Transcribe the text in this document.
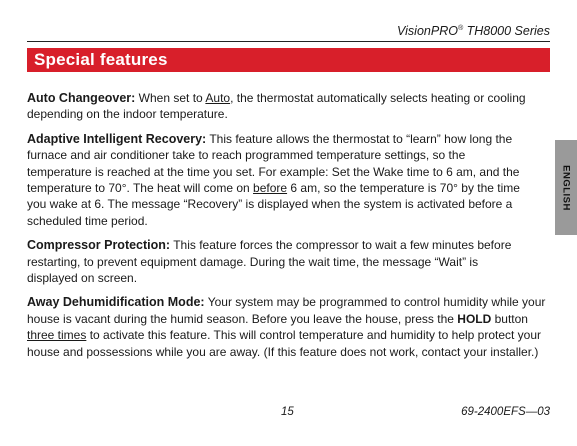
VisionPRO® TH8000 Series
Special features
ENGLISH

Auto Changeover: When set to Auto, the thermostat automatically selects heating or cooling depending on the indoor temperature.

Adaptive Intelligent Recovery: This feature allows the thermostat to “learn” how long the furnace and air conditioner take to reach programmed temperature settings, so the temperature is reached at the time you set. For example: Set the Wake time to 6 am, and the temperature to 70°. The heat will come on before 6 am, so the temperature is 70° by the time you wake at 6. The message “Recovery” is displayed when the system is activated before a scheduled time period.

Compressor Protection: This feature forces the compressor to wait a few minutes before restarting, to prevent equipment damage. During the wait time, the message “Wait” is displayed on screen.

Away Dehumidification Mode: Your system may be programmed to control humidity while your house is vacant during the humid season. Before you leave the house, press the HOLD button three times to activate this feature. This will control temperature and humidity to help protect your house and possessions while you are away. (If this feature does not work, contact your installer.)

15	69-2400EFS—03
